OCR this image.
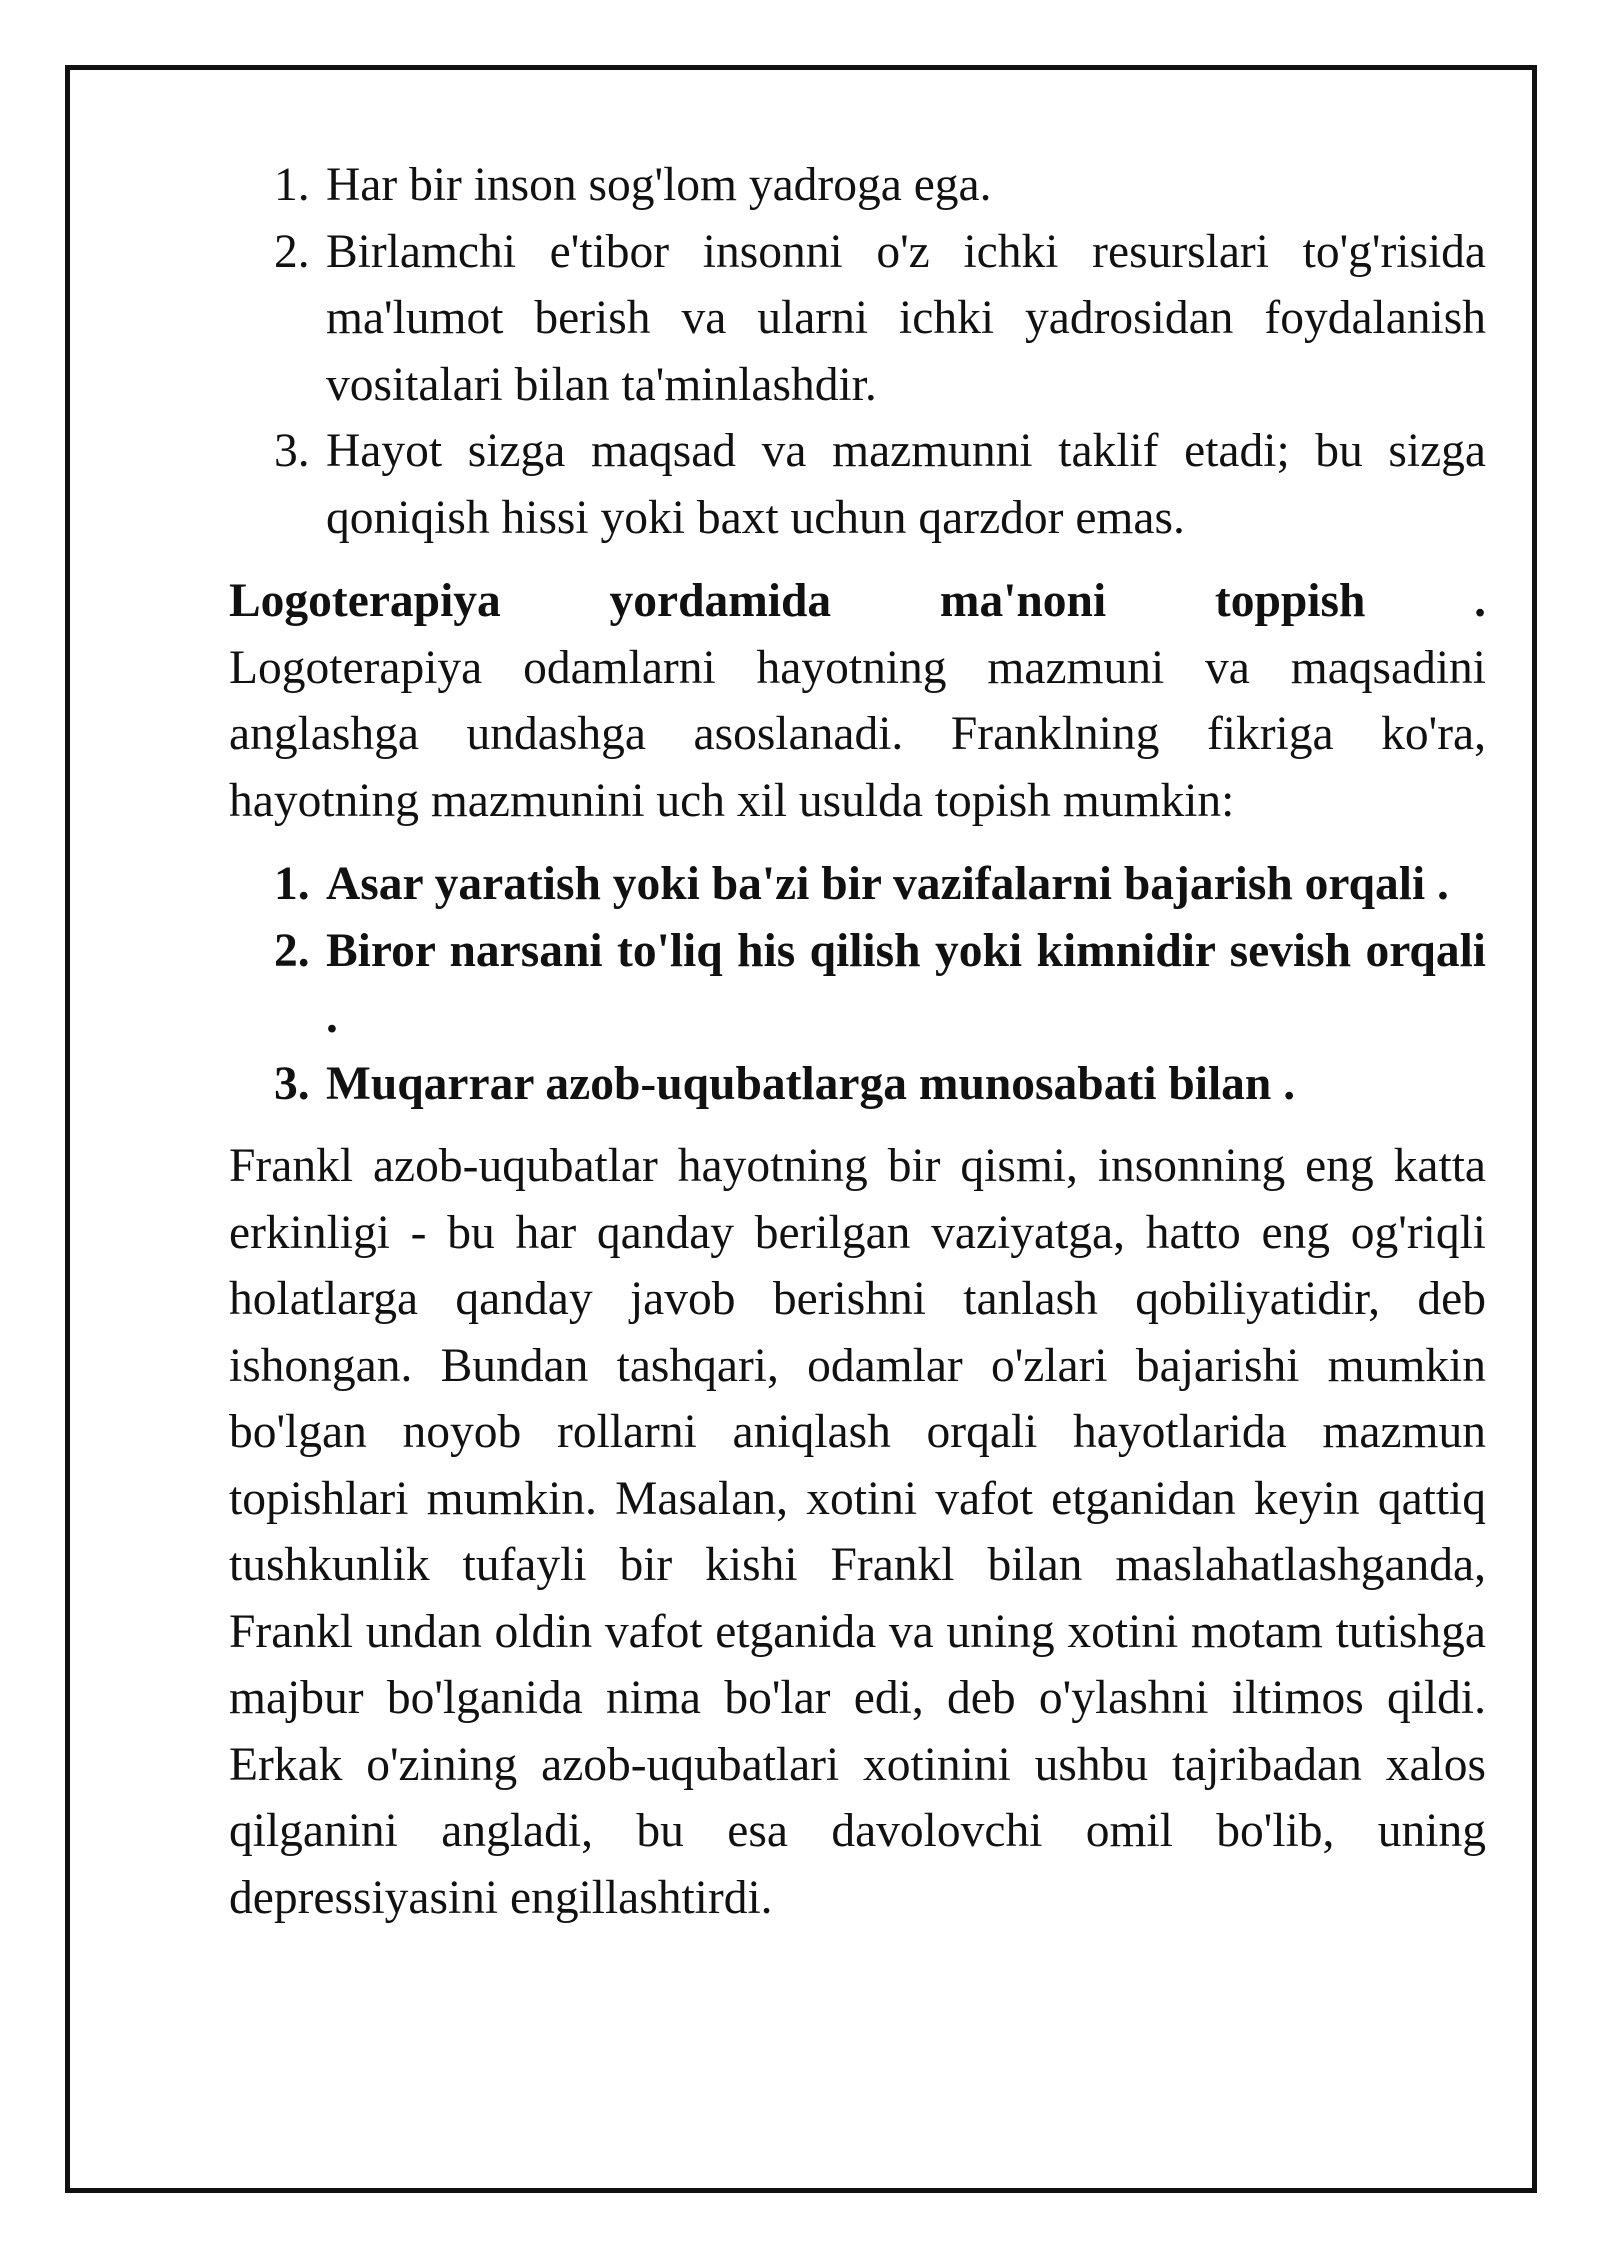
1. Har bir inson sog'lom yadroga ega.
2. Birlamchi e'tibor insonni o'z ichki resurslari to'g'risida ma'lumot berish va ularni ichki yadrosidan foydalanish vositalari bilan ta'minlashdir.
3. Hayot sizga maqsad va mazmunni taklif etadi; bu sizga qoniqish hissi yoki baxt uchun qarzdor emas.
Logoterapiya yordamida ma'noni toppish .

Logoterapiya odamlarni hayotning mazmuni va maqsadini anglashga undashga asoslanadi. Franklning fikriga ko'ra, hayotning mazmunini uch xil usulda topish mumkin:

1. Asar yaratish yoki ba'zi bir vazifalarni bajarish orqali .
2. Biror narsani to'liq his qilish yoki kimnidir sevish orqali .
3. Muqarrar azob-uqubatlarga munosabati bilan .

Frankl azob-uqubatlar hayotning bir qismi, insonning eng katta erkinligi - bu har qanday berilgan vaziyatga, hatto eng og'riqli holatlarga qanday javob berishni tanlash qobiliyatidir, deb ishongan. Bundan tashqari, odamlar o'zlari bajarishi mumkin bo'lgan noyob rollarni aniqlash orqali hayotlarida mazmun topishlari mumkin. Masalan, xotini vafot etganidan keyin qattiq tushkunlik tufayli bir kishi Frankl bilan maslahatlashganda, Frankl undan oldin vafot etganida va uning xotini motam tutishga majbur bo'lganida nima bo'lar edi, deb o'ylashni iltimos qildi. Erkak o'zining azob-uqubatlari xotinini ushbu tajribadan xalos qilganini angladi, bu esa davolovchi omil bo'lib, uning depressiyasini engillashtirdi.
